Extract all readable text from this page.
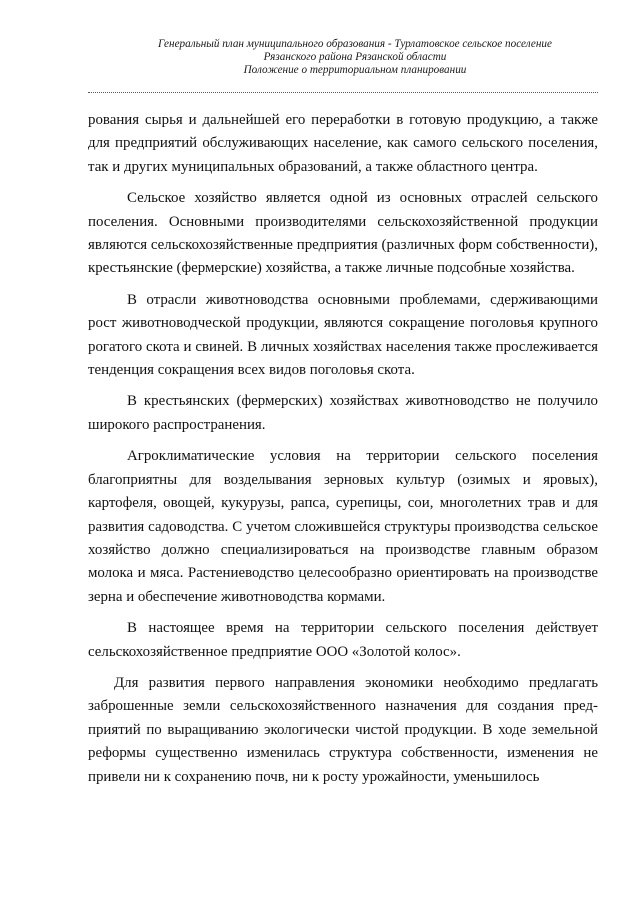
Генеральный план муниципального образования - Турлатовское сельское поселение
Рязанского района Рязанской области
Положение о территориальном планировании

рования сырья и дальнейшей его переработки в готовую продукцию, а также для предприятий обслуживающих население, как самого сельского поселения, так и других муниципальных образований, а также областного центра.

Сельское хозяйство является одной из основных отраслей сельского поселения. Основными производителями сельскохозяйственной продукции являются сельскохозяйственные предприятия (различных форм собственности), крестьянские (фермерские) хозяйства, а также личные подсобные хозяйства.

В отрасли животноводства основными проблемами, сдерживающими рост животноводческой продукции, являются сокращение поголовья крупного рогатого скота и свиней. В личных хозяйствах населения также прослеживается тенденция сокращения всех видов поголовья скота.

В крестьянских (фермерских) хозяйствах животноводство не получило широкого распространения.

Агроклиматические условия на территории сельского поселения благоприятны для возделывания зерновых культур (озимых и яровых), картофеля, овощей, кукурузы, рапса, сурепицы, сои, многолетних трав и для развития садоводства. С учетом сложившейся структуры производства сельское хозяйство должно специализироваться на производстве главным образом молока и мяса. Растениеводство целесообразно ориентировать на производстве зерна и обеспечение животноводства кормами.

В настоящее время на территории сельского поселения действует сельскохозяйственное предприятие ООО «Золотой колос».

Для развития первого направления экономики необходимо предлагать заброшенные земли сельскохозяйственного назначения для создания предприятий по выращиванию экологически чистой продукции. В ходе земельной реформы существенно изменилась структура собственности, изменения не привели ни к сохранению почв, ни к росту урожайности, уменьшилось
